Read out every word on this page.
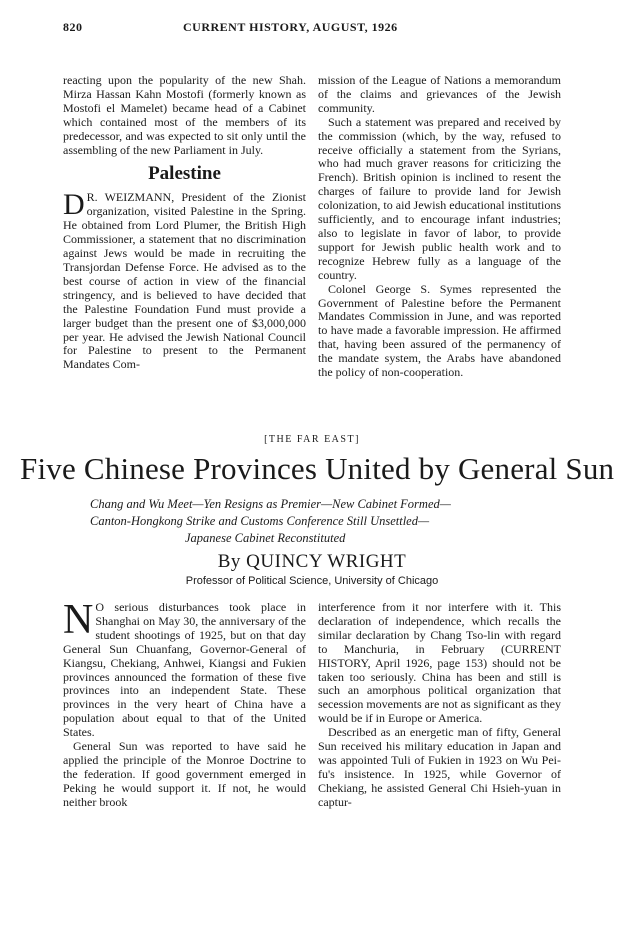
820	CURRENT HISTORY, AUGUST, 1926

reacting upon the popularity of the new Shah. Mirza Hassan Kahn Mostofi (formerly known as Mostofi el Mamelet) became head of a Cabinet which contained most of the members of its predecessor, and was expected to sit only until the assembling of the new Parliament in July.

Palestine

D R. WEIZMANN, President of the Zionist organization, visited Palestine in the Spring. He obtained from Lord Plumer, the British High Commissioner, a statement that no discrimination against Jews would be made in recruiting the Transjordan Defense Force. He advised as to the best course of action in view of the financial stringency, and is believed to have decided that the Palestine Foundation Fund must provide a larger budget than the present one of $3,000,000 per year. He advised the Jewish National Council for Palestine to present to the Permanent Mandates Com-

mission of the League of Nations a memorandum of the claims and grievances of the Jewish community.

Such a statement was prepared and received by the commission (which, by the way, refused to receive officially a statement from the Syrians, who had much graver reasons for criticizing the French). British opinion is inclined to resent the charges of failure to provide land for Jewish colonization, to aid Jewish educational institutions sufficiently, and to encourage infant industries; also to legislate in favor of labor, to provide support for Jewish public health work and to recognize Hebrew fully as a language of the country.

Colonel George S. Symes represented the Government of Palestine before the Permanent Mandates Commission in June, and was reported to have made a favorable impression. He affirmed that, having been assured of the permanency of the mandate system, the Arabs have abandoned the policy of non-cooperation.

[THE FAR EAST]
Five Chinese Provinces United by General Sun
Chang and Wu Meet—Yen Resigns as Premier—New Cabinet Formed—
Canton-Hongkong Strike and Customs Conference Still Unsettled—
Japanese Cabinet Reconstituted
By QUINCY WRIGHT
Professor of Political Science, University of Chicago

N O serious disturbances took place in Shanghai on May 30, the anniversary of the student shootings of 1925, but on that day General Sun Chuanfang, Governor-General of Kiangsu, Chekiang, Anhwei, Kiangsi and Fukien provinces announced the formation of these five provinces into an independent State. These provinces in the very heart of China have a population about equal to that of the United States.

General Sun was reported to have said he applied the principle of the Monroe Doctrine to the federation. If good government emerged in Peking he would support it. If not, he would neither brook

interference from it nor interfere with it. This declaration of independence, which recalls the similar declaration by Chang Tso-lin with regard to Manchuria, in February (CURRENT HISTORY, April 1926, page 153) should not be taken too seriously. China has been and still is such an amorphous political organization that secession movements are not as significant as they would be if in Europe or America.

Described as an energetic man of fifty, General Sun received his military education in Japan and was appointed Tuli of Fukien in 1923 on Wu Pei-fu's insistence. In 1925, while Governor of Chekiang, he assisted General Chi Hsieh-yuan in captur-
